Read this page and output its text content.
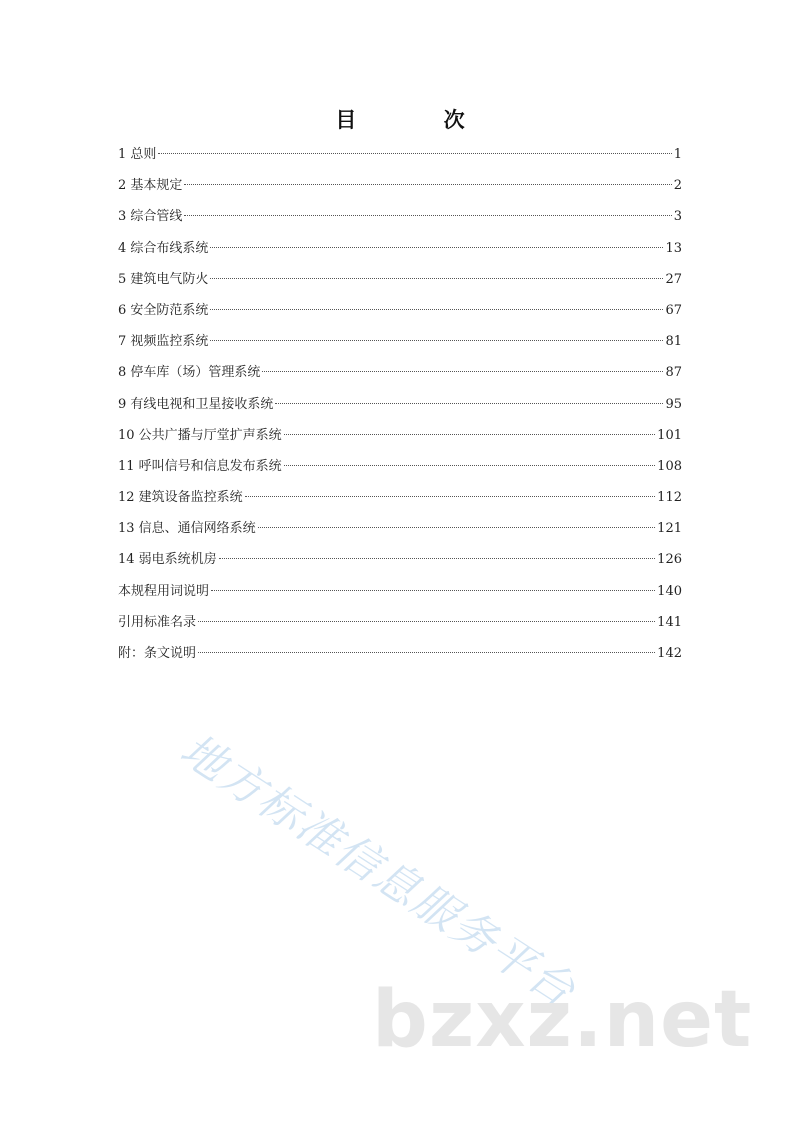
目 次
1 总则	1
2 基本规定	2
3 综合管线	3
4 综合布线系统	13
5 建筑电气防火	27
6 安全防范系统	67
7 视频监控系统	81
8 停车库（场）管理系统	87
9 有线电视和卫星接收系统	95
10 公共广播与厅堂扩声系统	101
11 呼叫信号和信息发布系统	108
12 建筑设备监控系统	112
13 信息、通信网络系统	121
14 弱电系统机房	126
本规程用词说明	140
引用标准名录	141
附：条文说明	142
地方标准信息服务平台
bzxz.net
